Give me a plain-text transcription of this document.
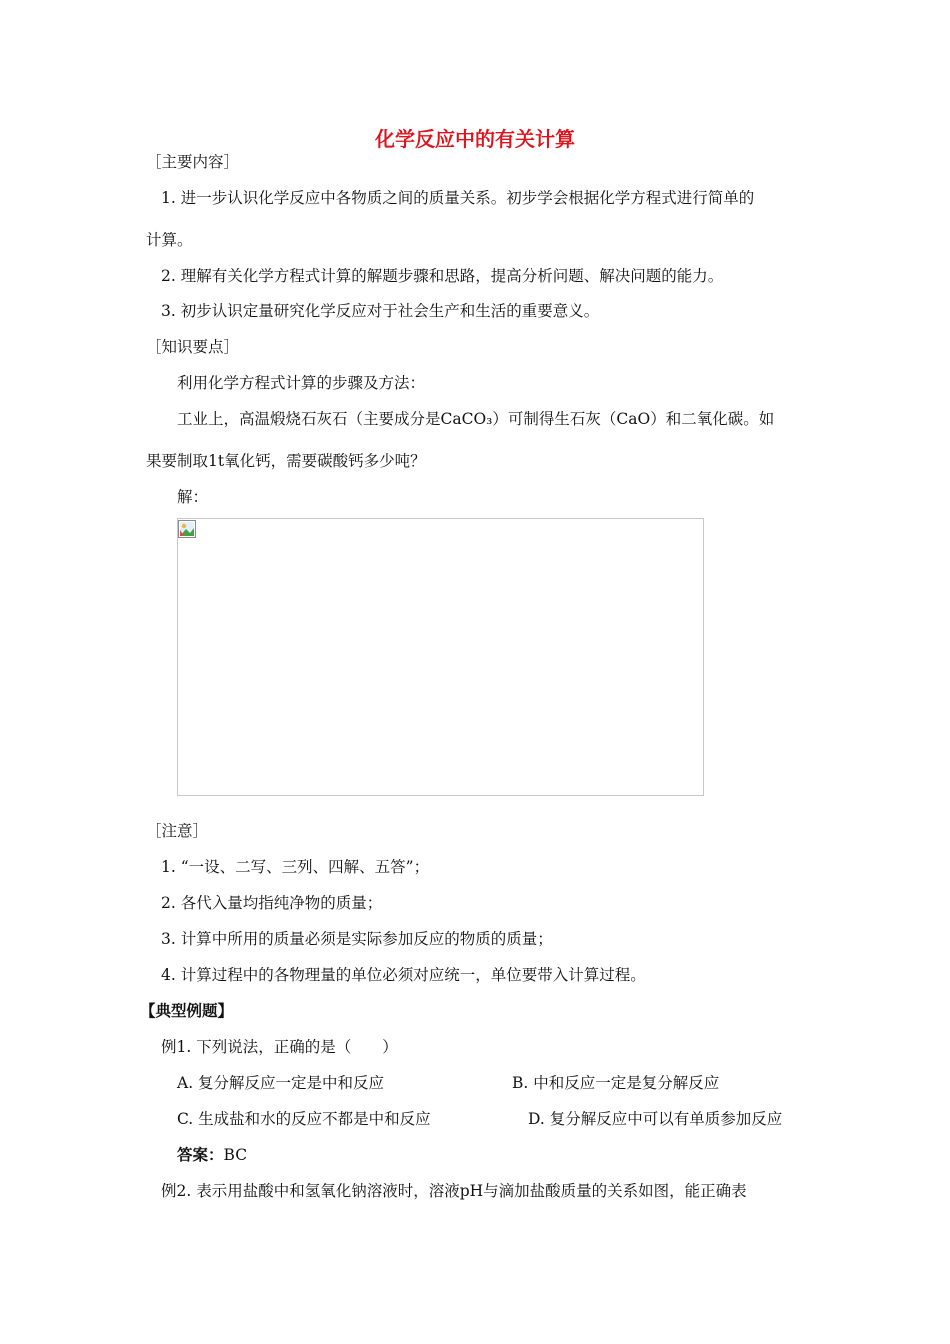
化学反应中的有关计算
［主要内容］
1. 进一步认识化学反应中各物质之间的质量关系。初步学会根据化学方程式进行简单的
计算。
2. 理解有关化学方程式计算的解题步骤和思路，提高分析问题、解决问题的能力。
3. 初步认识定量研究化学反应对于社会生产和生活的重要意义。
［知识要点］
利用化学方程式计算的步骤及方法：
工业上，高温煅烧石灰石（主要成分是CaCO₃）可制得生石灰（CaO）和二氧化碳。如
果要制取1t氧化钙，需要碳酸钙多少吨？
解：
［注意］
1. “一设、二写、三列、四解、五答”；
2. 各代入量均指纯净物的质量；
3. 计算中所用的质量必须是实际参加反应的物质的质量；
4. 计算过程中的各物理量的单位必须对应统一，单位要带入计算过程。
【典型例题】
例1. 下列说法，正确的是（　　）
A. 复分解反应一定是中和反应	B. 中和反应一定是复分解反应
C. 生成盐和水的反应不都是中和反应	D. 复分解反应中可以有单质参加反应
答案：BC
例2. 表示用盐酸中和氢氧化钠溶液时，溶液pH与滴加盐酸质量的关系如图，能正确表
